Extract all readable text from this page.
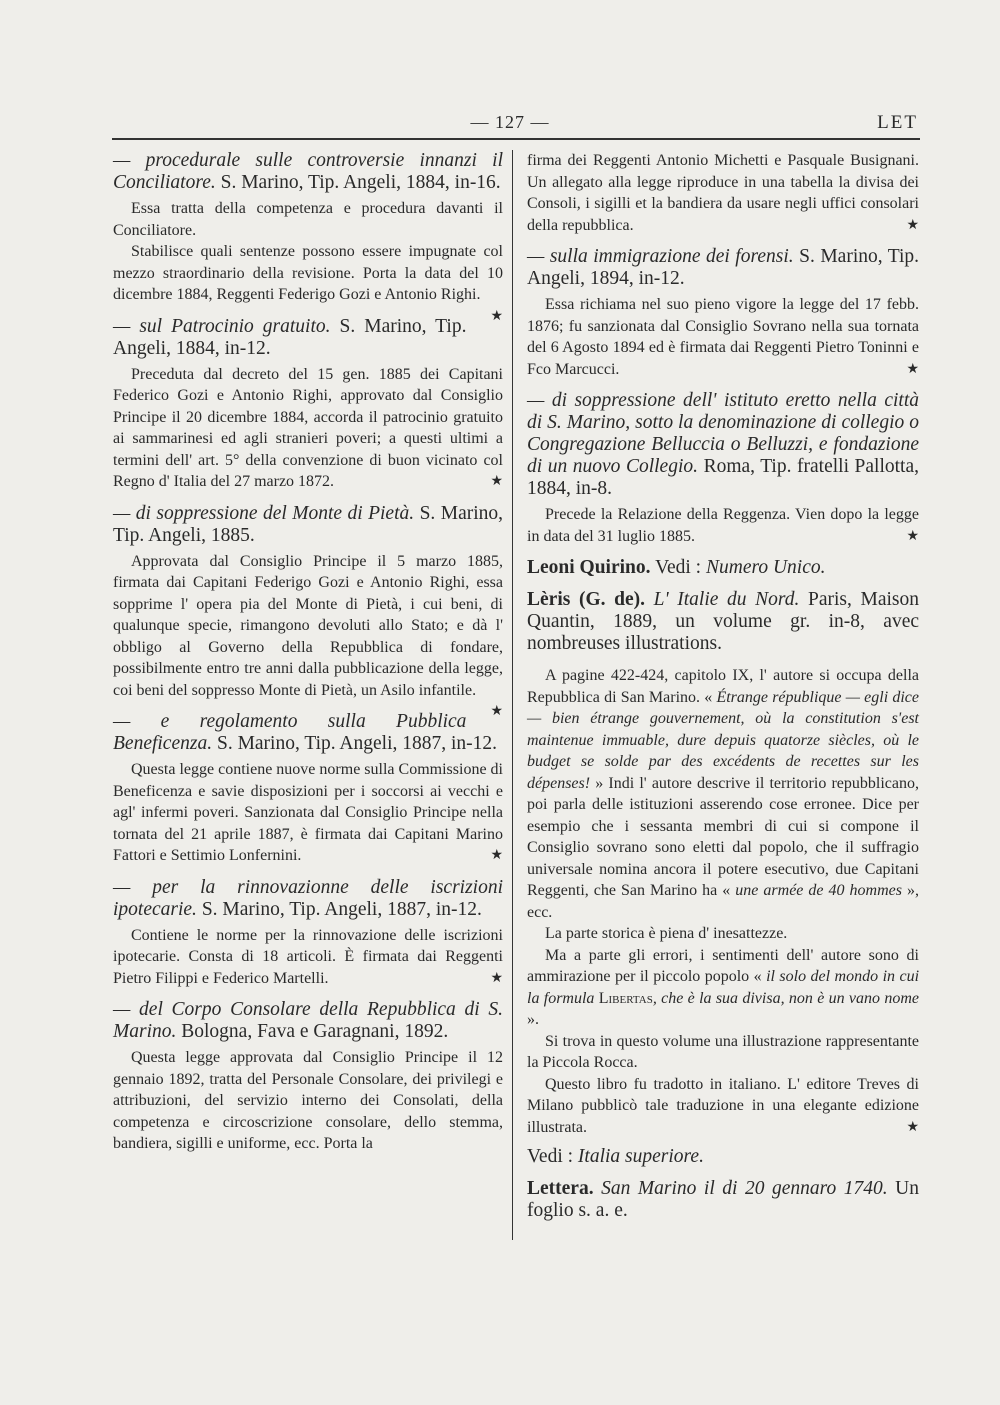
— 127 —	LET

— procedurale sulle controversie innanzi il Conciliatore. S. Marino, Tip. Angeli, 1884, in-16.

Essa tratta della competenza e procedura davanti il Conciliatore.

Stabilisce quali sentenze possono essere impugnate col mezzo straordinario della revisione. Porta la data del 10 dicembre 1884, Reggenti Federigo Gozi e Antonio Righi.
★

— sul Patrocinio gratuito. S. Marino, Tip. Angeli, 1884, in-12.

Preceduta dal decreto del 15 gen. 1885 dei Capitani Federico Gozi e Antonio Righi, approvato dal Consiglio Principe il 20 dicembre 1884, accorda il patrocinio gratuito ai sammarinesi ed agli stranieri poveri; a questi ultimi a termini dell' art. 5° della convenzione di buon vicinato col Regno d' Italia del 27 marzo 1872.	★

— di soppressione del Monte di Pietà. S. Marino, Tip. Angeli, 1885.

Approvata dal Consiglio Principe il 5 marzo 1885, firmata dai Capitani Federigo Gozi e Antonio Righi, essa sopprime l' opera pia del Monte di Pietà, i cui beni, di qualunque specie, rimangono devoluti allo Stato; e dà l' obbligo al Governo della Repubblica di fondare, possibilmente entro tre anni dalla pubblicazione della legge, coi beni del soppresso Monte di Pietà, un Asilo infantile.
★

— e regolamento sulla Pubblica Beneficenza. S. Marino, Tip. Angeli, 1887, in-12.

Questa legge contiene nuove norme sulla Commissione di Beneficenza e savie disposizioni per i soccorsi ai vecchi e agl' infermi poveri. Sanzionata dal Consiglio Principe nella tornata del 21 aprile 1887, è firmata dai Capitani Marino Fattori e Settimio Lonfernini.	★

— per la rinnovazionne delle iscrizioni ipotecarie. S. Marino, Tip. Angeli, 1887, in-12.

Contiene le norme per la rinnovazione delle iscrizioni ipotecarie. Consta di 18 articoli. È firmata dai Reggenti Pietro Filippi e Federico Martelli.	★

— del Corpo Consolare della Repubblica di S. Marino. Bologna, Fava e Garagnani, 1892.

Questa legge approvata dal Consiglio Principe il 12 gennaio 1892, tratta del Personale Consolare, dei privilegi e attribuzioni, del servizio interno dei Consolati, della competenza e circoscrizione consolare, dello stemma, bandiera, sigilli e uniforme, ecc. Porta la

firma dei Reggenti Antonio Michetti e Pasquale Busignani. Un allegato alla legge riproduce in una tabella la divisa dei Consoli, i sigilli et la bandiera da usare negli uffici consolari della repubblica.	★

— sulla immigrazione dei forensi. S. Marino, Tip. Angeli, 1894, in-12.

Essa richiama nel suo pieno vigore la legge del 17 febb. 1876; fu sanzionata dal Consiglio Sovrano nella sua tornata del 6 Agosto 1894 ed è firmata dai Reggenti Pietro Toninni e Fco Marcucci.	★

— di soppressione dell' istituto eretto nella città di S. Marino, sotto la denominazione di collegio o Congregazione Belluccia o Belluzzi, e fondazione di un nuovo Collegio. Roma, Tip. fratelli Pallotta, 1884, in-8.

Precede la Relazione della Reggenza. Vien dopo la legge in data del 31 luglio 1885.	★

Leoni Quirino. Vedi : Numero Unico.

Lèris (G. de). L' Italie du Nord. Paris, Maison Quantin, 1889, un volume gr. in-8, avec nombreuses illustrations.

A pagine 422-424, capitolo IX, l' autore si occupa della Repubblica di San Marino. « Étrange république — egli dice — bien étrange gouvernement, où la constitution s'est maintenue immuable, dure depuis quatorze siècles, où le budget se solde par des excédents de recettes sur les dépenses! » Indi l' autore descrive il territorio repubblicano, poi parla delle istituzioni asserendo cose erronee. Dice per esempio che i sessanta membri di cui si compone il Consiglio sovrano sono eletti dal popolo, che il suffragio universale nomina ancora il potere esecutivo, due Capitani Reggenti, che San Marino ha « une armée de 40 hommes », ecc.

La parte storica è piena d' inesattezze.

Ma a parte gli errori, i sentimenti dell' autore sono di ammirazione per il piccolo popolo « il solo del mondo in cui la formula Libertas, che è la sua divisa, non è un vano nome ».

Si trova in questo volume una illustrazione rappresentante la Piccola Rocca.

Questo libro fu tradotto in italiano. L' editore Treves di Milano pubblicò tale traduzione in una elegante edizione illustrata.	★

Vedi : Italia superiore.

Lettera. San Marino il di 20 gennaro 1740. Un foglio s. a. e.
